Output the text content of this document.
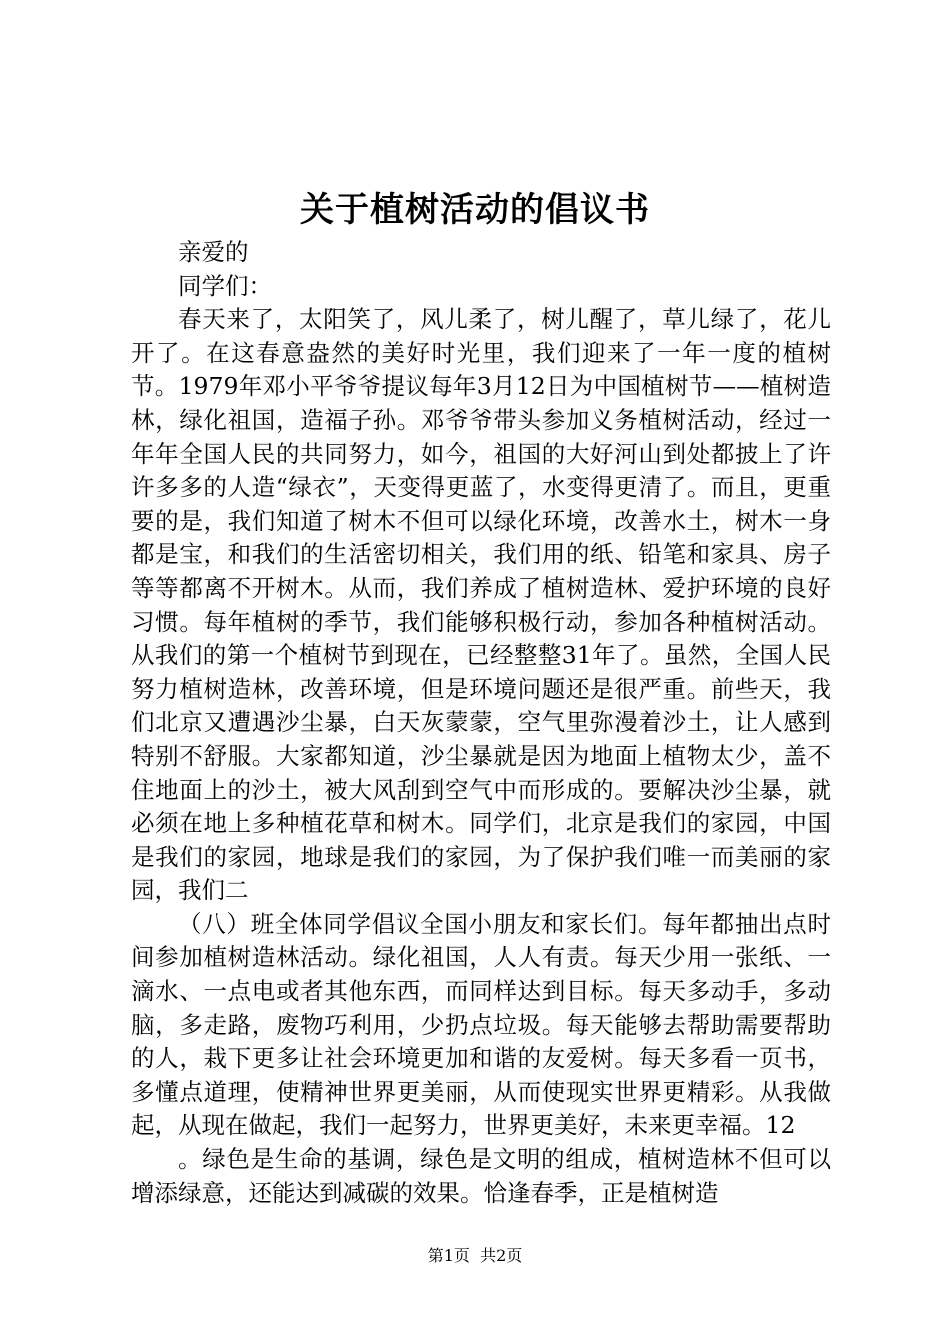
关于植树活动的倡议书

亲爱的

同学们：

春天来了，太阳笑了，风儿柔了，树儿醒了，草儿绿了，花儿开了。在这春意盎然的美好时光里，我们迎来了一年一度的植树节。1979年邓小平爷爷提议每年3月12日为中国植树节——植树造林，绿化祖国，造福子孙。邓爷爷带头参加义务植树活动，经过一年年全国人民的共同努力，如今，祖国的大好河山到处都披上了许许多多的人造“绿衣”，天变得更蓝了，水变得更清了。而且，更重要的是，我们知道了树木不但可以绿化环境，改善水土，树木一身都是宝，和我们的生活密切相关，我们用的纸、铅笔和家具、房子等等都离不开树木。从而，我们养成了植树造林、爱护环境的良好习惯。每年植树的季节，我们能够积极行动，参加各种植树活动。从我们的第一个植树节到现在，已经整整31年了。虽然，全国人民努力植树造林，改善环境，但是环境问题还是很严重。前些天，我们北京又遭遇沙尘暴，白天灰蒙蒙，空气里弥漫着沙土，让人感到特别不舒服。大家都知道，沙尘暴就是因为地面上植物太少，盖不住地面上的沙土，被大风刮到空气中而形成的。要解决沙尘暴，就必须在地上多种植花草和树木。同学们，北京是我们的家园，中国是我们的家园，地球是我们的家园，为了保护我们唯一而美丽的家园，我们二

（八）班全体同学倡议全国小朋友和家长们。每年都抽出点时间参加植树造林活动。绿化祖国，人人有责。每天少用一张纸、一滴水、一点电或者其他东西，而同样达到目标。每天多动手，多动脑，多走路，废物巧利用，少扔点垃圾。每天能够去帮助需要帮助的人，栽下更多让社会环境更加和谐的友爱树。每天多看一页书，多懂点道理，使精神世界更美丽，从而使现实世界更精彩。从我做起，从现在做起，我们一起努力，世界更美好，未来更幸福。12

。绿色是生命的基调，绿色是文明的组成，植树造林不但可以增添绿意，还能达到减碳的效果。恰逢春季，正是植树造

第1页 共2页
